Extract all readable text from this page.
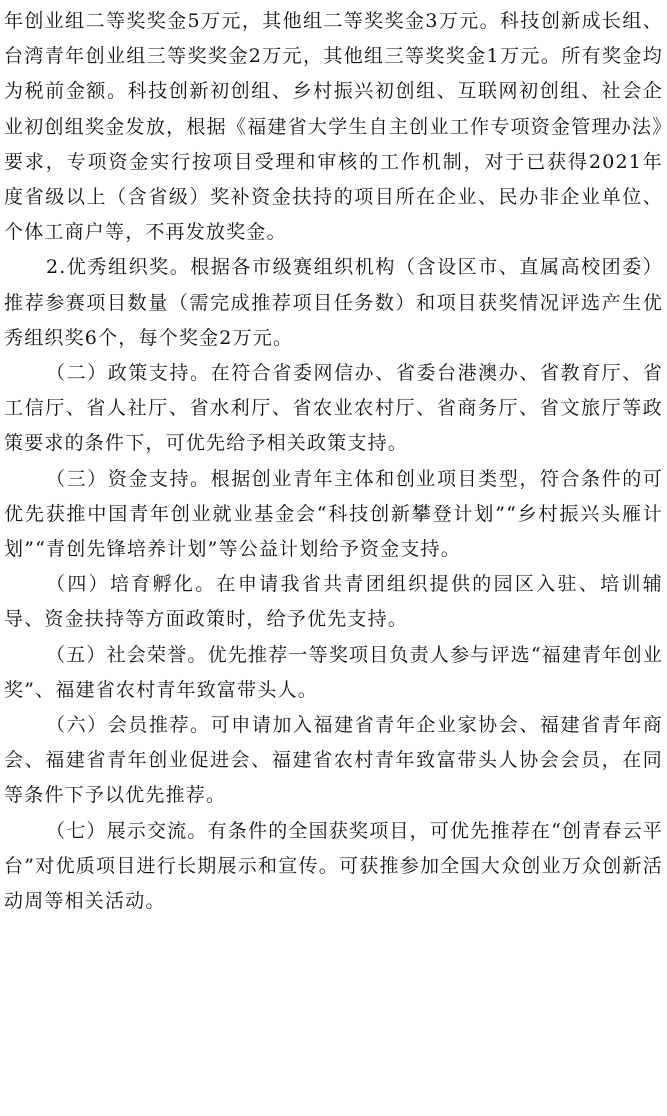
年创业组二等奖奖金5万元，其他组二等奖奖金3万元。科技创新成长组、台湾青年创业组三等奖奖金2万元，其他组三等奖奖金1万元。所有奖金均为税前金额。科技创新初创组、乡村振兴初创组、互联网初创组、社会企业初创组奖金发放，根据《福建省大学生自主创业工作专项资金管理办法》要求，专项资金实行按项目受理和审核的工作机制，对于已获得2021年度省级以上（含省级）奖补资金扶持的项目所在企业、民办非企业单位、个体工商户等，不再发放奖金。

2.优秀组织奖。根据各市级赛组织机构（含设区市、直属高校团委）推荐参赛项目数量（需完成推荐项目任务数）和项目获奖情况评选产生优秀组织奖6个，每个奖金2万元。

（二）政策支持。在符合省委网信办、省委台港澳办、省教育厅、省工信厅、省人社厅、省水利厅、省农业农村厅、省商务厅、省文旅厅等政策要求的条件下，可优先给予相关政策支持。

（三）资金支持。根据创业青年主体和创业项目类型，符合条件的可优先获推中国青年创业就业基金会“科技创新攀登计划”“乡村振兴头雁计划”“青创先锋培养计划”等公益计划给予资金支持。

（四）培育孵化。在申请我省共青团组织提供的园区入驻、培训辅导、资金扶持等方面政策时，给予优先支持。

（五）社会荣誉。优先推荐一等奖项目负责人参与评选“福建青年创业奖”、福建省农村青年致富带头人。

（六）会员推荐。可申请加入福建省青年企业家协会、福建省青年商会、福建省青年创业促进会、福建省农村青年致富带头人协会会员，在同等条件下予以优先推荐。

（七）展示交流。有条件的全国获奖项目，可优先推荐在“创青春云平台”对优质项目进行长期展示和宣传。可获推参加全国大众创业万众创新活动周等相关活动。
